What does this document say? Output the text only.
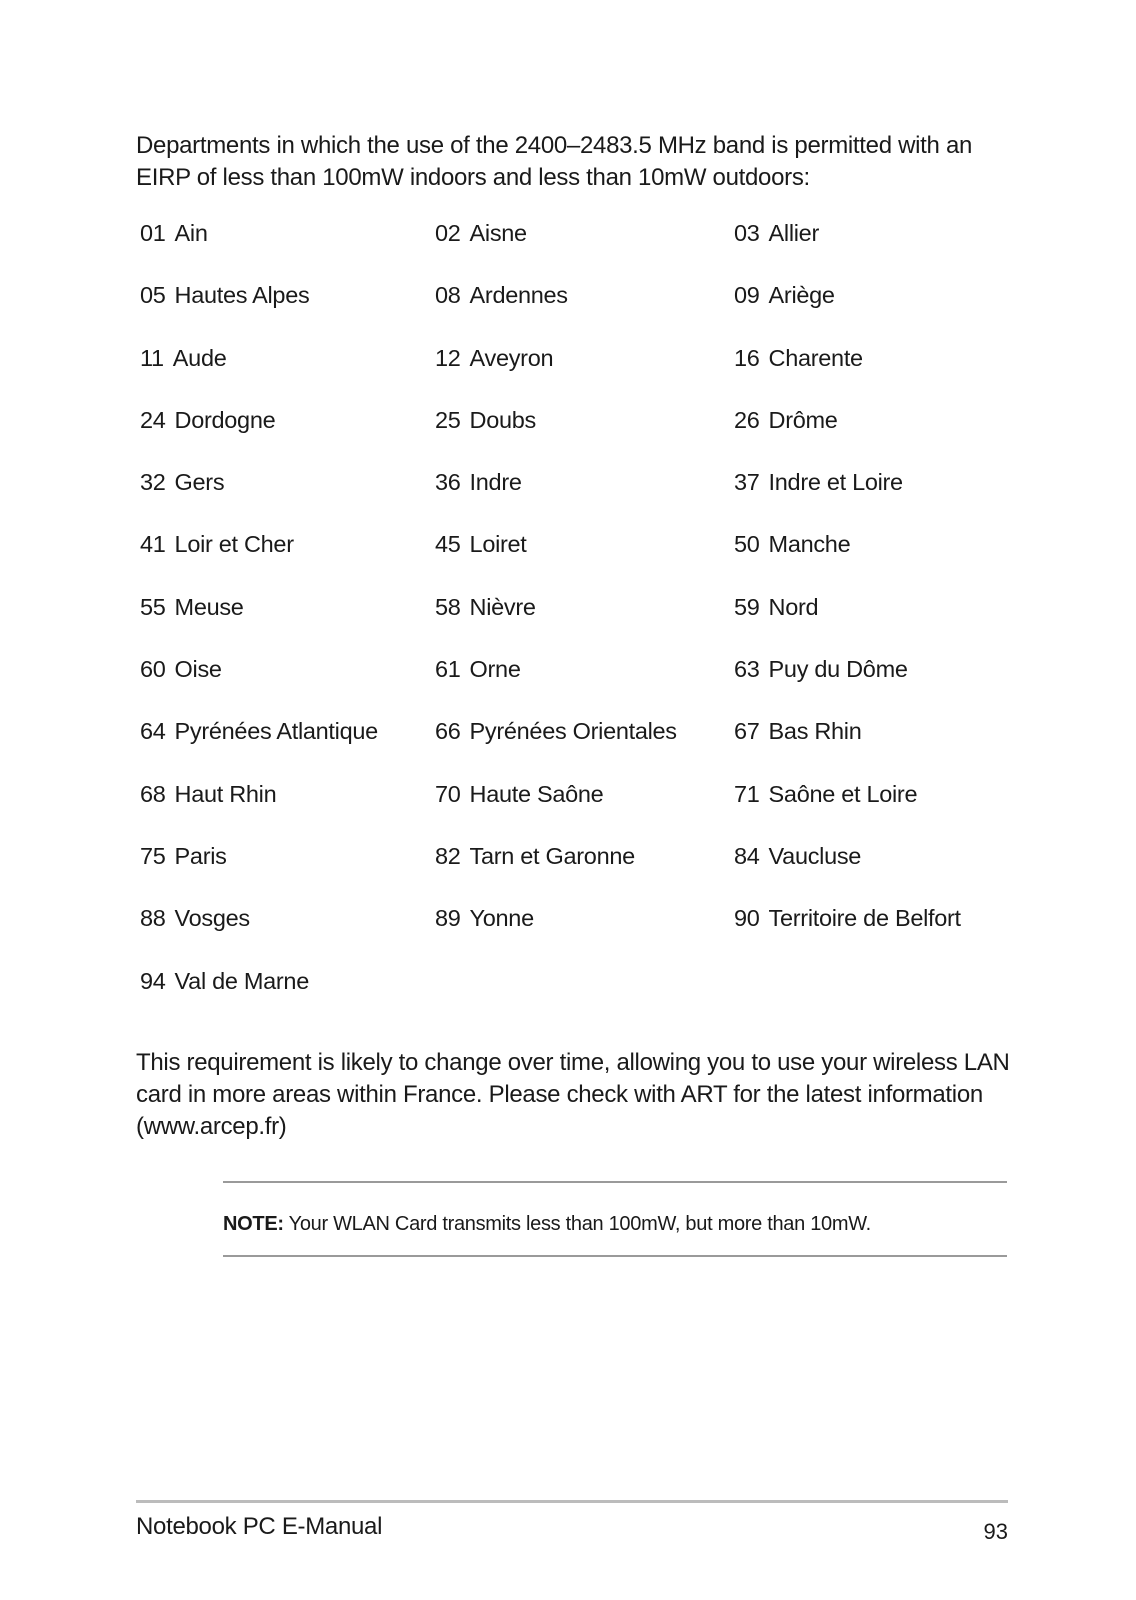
Departments in which the use of the 2400–2483.5 MHz band is permitted with an EIRP of less than 100mW indoors and less than 10mW outdoors:

01 Ain	02 Aisne	03 Allier
05 Hautes Alpes	08 Ardennes	09 Ariège
11 Aude	12 Aveyron	16 Charente
24 Dordogne	25 Doubs	26 Drôme
32 Gers	36 Indre	37 Indre et Loire
41 Loir et Cher	45 Loiret	50 Manche
55 Meuse	58 Nièvre	59 Nord
60 Oise	61 Orne	63 Puy du Dôme
64 Pyrénées Atlantique 66 Pyrénées Orientales 67 Bas Rhin
68 Haut Rhin	70 Haute Saône	71 Saône et Loire
75 Paris	82 Tarn et Garonne	84 Vaucluse
88 Vosges	89 Yonne	90 Territoire de Belfort
94 Val de Marne

This requirement is likely to change over time, allowing you to use your wireless LAN card in more areas within France. Please check with ART for the latest information (www.arcep.fr)

NOTE: Your WLAN Card transmits less than 100mW, but more than 10mW.
Notebook PC E-Manual	93
